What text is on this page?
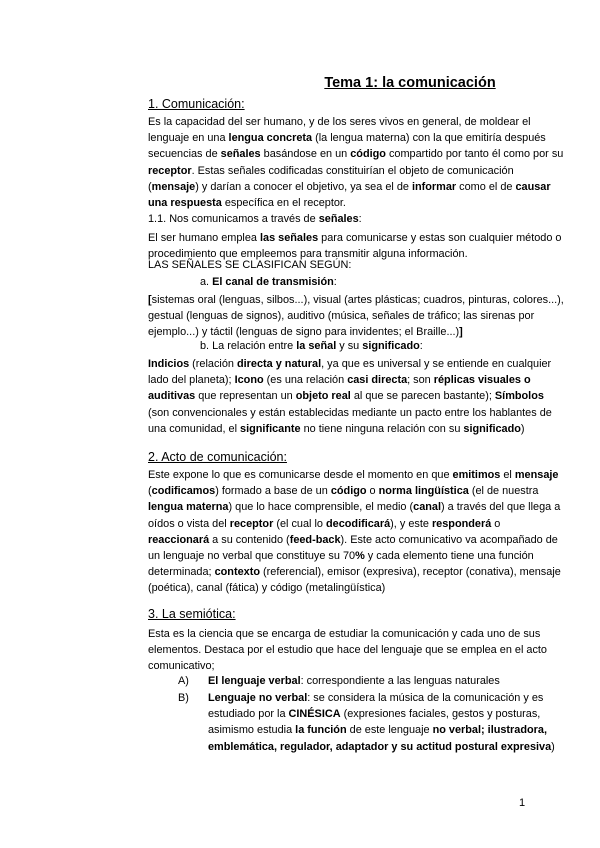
Tema 1: la comunicación
1. Comunicación:

Es la capacidad del ser humano, y de los seres vivos en general, de moldear el lenguaje en una lengua concreta (la lengua materna) con la que emitiría después secuencias de señales basándose en un código compartido por tanto él como por su receptor. Estas señales codificadas constituirían el objeto de comunicación (mensaje) y darían a conocer el objetivo, ya sea el de informar como el de causar una respuesta específica en el receptor.

1.1. Nos comunicamos a través de señales:

El ser humano emplea las señales para comunicarse y estas son cualquier método o procedimiento que empleemos para transmitir alguna información.

LAS SEÑALES SE CLASIFICAN SEGÚN:

a. El canal de transmisión:

[sistemas oral (lenguas, silbos...), visual (artes plásticas; cuadros, pinturas, colores...), gestual (lenguas de signos), auditivo (música, señales de tráfico; las sirenas por ejemplo...) y táctil (lenguas de signo para invidentes; el Braille...)]

b. La relación entre la señal y su significado:

Indicios (relación directa y natural, ya que es universal y se entiende en cualquier lado del planeta); Icono (es una relación casi directa; son réplicas visuales o auditivas que representan un objeto real al que se parecen bastante); Símbolos (son convencionales y están establecidas mediante un pacto entre los hablantes de una comunidad, el significante no tiene ninguna relación con su significado)

2. Acto de comunicación:

Este expone lo que es comunicarse desde el momento en que emitimos el mensaje (codificamos) formado a base de un código o norma lingüística (el de nuestra lengua materna) que lo hace comprensible, el medio (canal) a través del que llega a oídos o vista del receptor (el cual lo decodificará), y este responderá o reaccionará a su contenido (feed-back). Este acto comunicativo va acompañado de un lenguaje no verbal que constituye su 70% y cada elemento tiene una función determinada; contexto (referencial), emisor (expresiva), receptor (conativa), mensaje (poética), canal (fática) y código (metalingüística)

3. La semiótica:

Esta es la ciencia que se encarga de estudiar la comunicación y cada uno de sus elementos. Destaca por el estudio que hace del lenguaje que se emplea en el acto comunicativo;

A) El lenguaje verbal: correspondiente a las lenguas naturales
B) Lenguaje no verbal: se considera la música de la comunicación y es estudiado por la CINÉSICA (expresiones faciales, gestos y posturas, asimismo estudia la función de este lenguaje no verbal; ilustradora, emblemática, regulador, adaptador y su actitud postural expresiva)
1
